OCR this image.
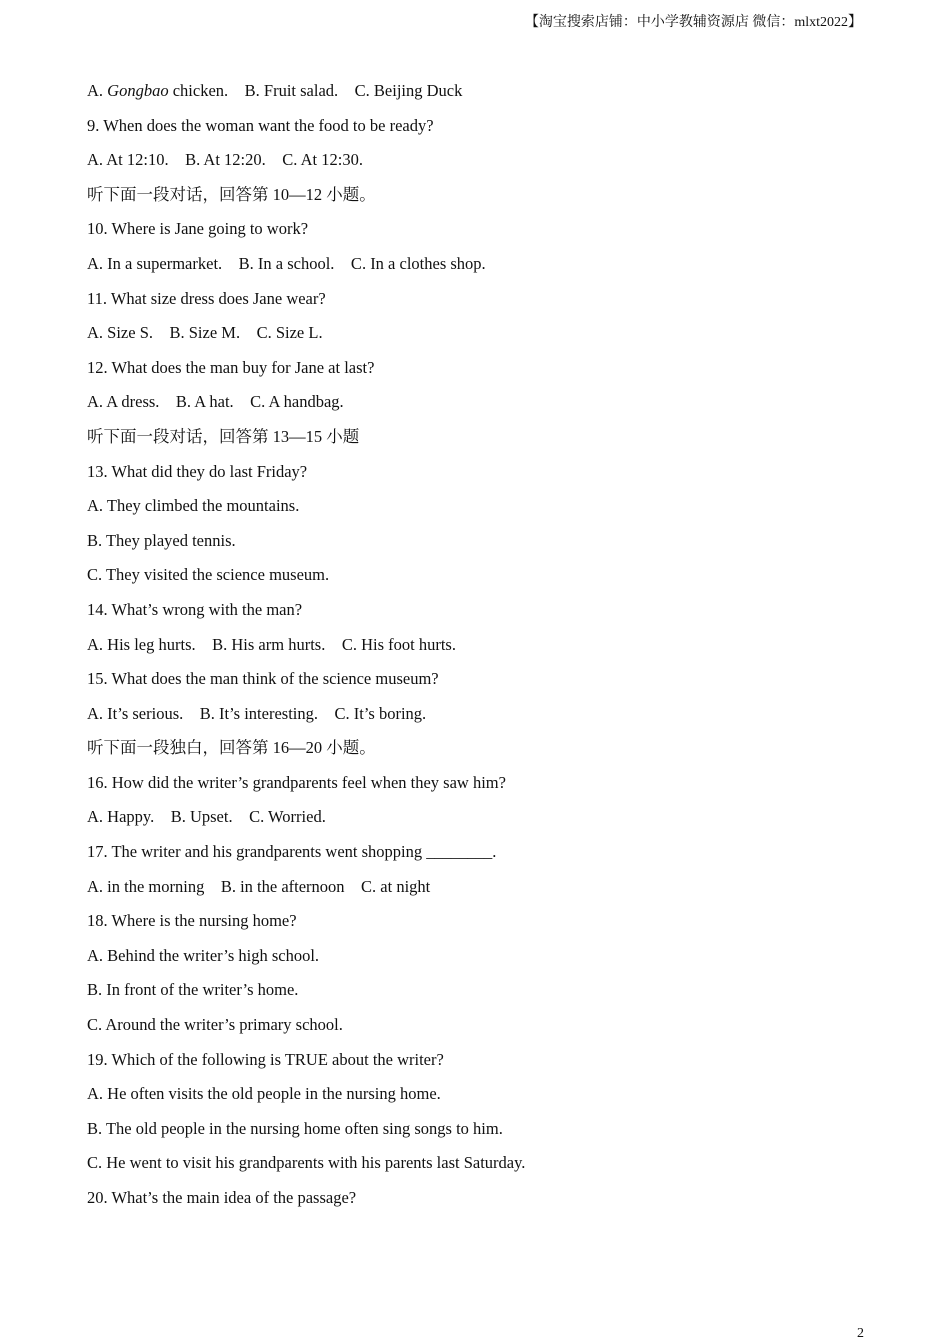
【淘宝搜索店铺：中小学教辅资源店 微信：mlxt2022】
A. Gongbao chicken.    B. Fruit salad.    C. Beijing Duck
9. When does the woman want the food to be ready?
A. At 12:10.    B. At 12:20.    C. At 12:30.
听下面一段对话，回答第 10—12 小题。
10. Where is Jane going to work?
A. In a supermarket.    B. In a school.    C. In a clothes shop.
11. What size dress does Jane wear?
A. Size S.    B. Size M.    C. Size L.
12. What does the man buy for Jane at last?
A. A dress.    B. A hat.    C. A handbag.
听下面一段对话，回答第 13—15 小题
13. What did they do last Friday?
A. They climbed the mountains.
B. They played tennis.
C. They visited the science museum.
14. What’s wrong with the man?
A. His leg hurts.    B. His arm hurts.    C. His foot hurts.
15. What does the man think of the science museum?
A. It’s serious.    B. It’s interesting.    C. It’s boring.
听下面一段独白，回答第 16—20 小题。
16. How did the writer’s grandparents feel when they saw him?
A. Happy.    B. Upset.    C. Worried.
17. The writer and his grandparents went shopping ________.
A. in the morning    B. in the afternoon    C. at night
18. Where is the nursing home?
A. Behind the writer’s high school.
B. In front of the writer’s home.
C. Around the writer’s primary school.
19. Which of the following is TRUE about the writer?
A. He often visits the old people in the nursing home.
B. The old people in the nursing home often sing songs to him.
C. He went to visit his grandparents with his parents last Saturday.
20. What’s the main idea of the passage?
2
